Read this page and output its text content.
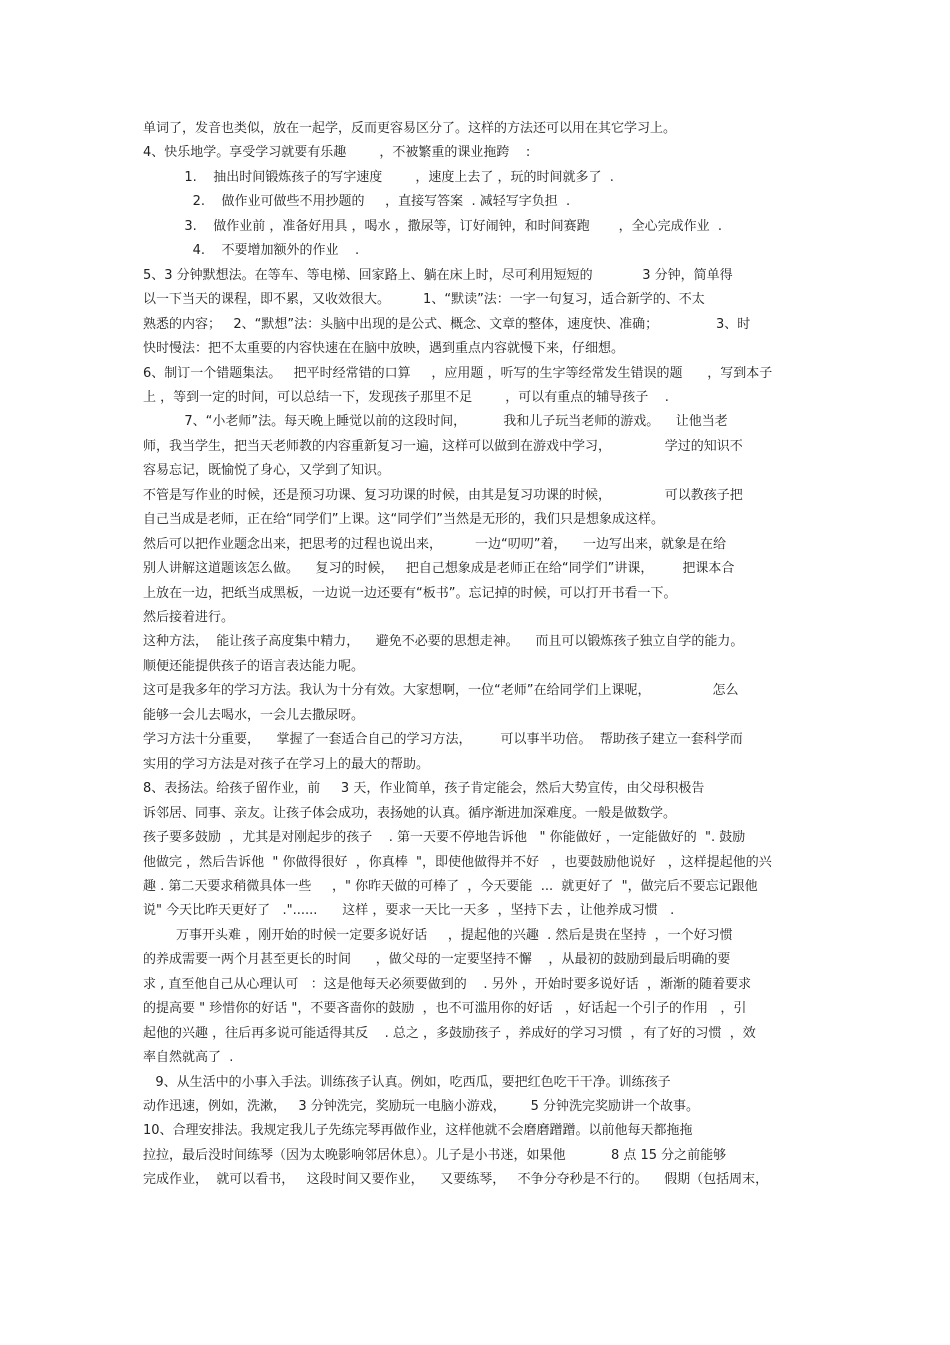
单词了，发音也类似，放在一起学，反而更容易区分了。这样的方法还可以用在其它学习上。
4、快乐地学。享受学习就要有乐趣        ，不被繁重的课业拖跨    :
1.    抽出时间锻炼孩子的写字速度        ，速度上去了 ，玩的时间就多了  .
2.    做作业可做些不用抄题的     ，直接写答案  . 减轻写字负担  .
3.    做作业前 ，准备好用具 ，喝水 ，撒尿等，订好闹钟，和时间赛跑       ，全心完成作业  .
4.    不要增加额外的作业    .
5、3 分钟默想法。在等车、等电梯、回家路上、躺在床上时，尽可利用短短的            3 分钟，简单得
以一下当天的课程，即不累，又收效很大。        1、“默读”法：一字一句复习，适合新学的、不太
熟悉的内容；   2、“默想”法：头脑中出现的是公式、概念、文章的整体，速度快、准确；              3、时
快时慢法：把不太重要的内容快速在在脑中放映，遇到重点内容就慢下来，仔细想。
6、制订一个错题集法。   把平时经常错的口算     ，应用题 ，听写的生字等经常发生错误的题      ，写到本子
上 ，等到一定的时间，可以总结一下，发现孩子那里不足        ，可以有重点的辅导孩子    .
7、“小老师”法。每天晚上睡觉以前的这段时间，         我和儿子玩当老师的游戏。    让他当老
师，我当学生，把当天老师教的内容重新复习一遍，这样可以做到在游戏中学习，             学过的知识不
容易忘记，既愉悦了身心，又学到了知识。
不管是写作业的时候，还是预习功课、复习功课的时候，由其是复习功课的时候，             可以教孩子把
自己当成是老师，正在给“同学们”上课。这“同学们”当然是无形的，我们只是想象成这样。
然后可以把作业题念出来，把思考的过程也说出来，        一边“叨叨”着，    一边写出来，就象是在给
别人讲解这道题该怎么做。    复习的时候，   把自己想象成是老师正在给“同学们”讲课，       把课本合
上放在一边，把纸当成黑板，一边说一边还要有“板书”。忘记掉的时候，可以打开书看一下。
然后接着进行。
这种方法，  能让孩子高度集中精力，    避免不必要的思想走神。    而且可以锻炼孩子独立自学的能力。
顺便还能提供孩子的语言表达能力呢。
这可是我多年的学习方法。我认为十分有效。大家想啊，一位“老师”在给同学们上课呢，               怎么
能够一会儿去喝水，一会儿去撒尿呀。
学习方法十分重要，    掌握了一套适合自己的学习方法，       可以事半功倍。  帮助孩子建立一套科学而
实用的学习方法是对孩子在学习上的最大的帮助。
8、表扬法。给孩子留作业，前     3 天，作业简单，孩子肯定能会，然后大势宣传，由父母积极告
诉邻居、同事、亲友。让孩子体会成功，表扬她的认真。循序渐进加深难度。一般是做数学。
孩子要多鼓励  ，尤其是对刚起步的孩子    . 第一天要不停地告诉他   " 你能做好 ，一定能做好的  ". 鼓励
他做完 ，然后告诉他  " 你做得很好  ，你真棒  "，即使他做得并不好   ，也要鼓励他说好   ，这样提起他的兴
趣 . 第二天要求稍微具体一些     ，" 你昨天做的可棒了  ，今天要能  ...  就更好了  "，做完后不要忘记跟他
说" 今天比昨天更好了   ."......      这样 ，要求一天比一天多  ，坚持下去 ，让他养成习惯   .
万事开头难 ，刚开始的时候一定要多说好话     ，提起他的兴趣  . 然后是贵在坚持  ，一个好习惯
的养成需要一两个月甚至更长的时间      ，做父母的一定要坚持不懈    ，从最初的鼓励到最后明确的要
求 , 直至他自己从心理认可   ：这是他每天必须要做到的    . 另外 ，开始时要多说好话  ，渐渐的随着要求
的提高要 " 珍惜你的好话 "，不要吝啬你的鼓励  ，也不可滥用你的好话   ，好话起一个引子的作用   ，引
起他的兴趣 ，往后再多说可能适得其反    . 总之 ，多鼓励孩子 ，养成好的学习习惯  ，有了好的习惯  ，效
率自然就高了  .
9、从生活中的小事入手法。训练孩子认真。例如，吃西瓜，要把红色吃干干净。训练孩子
动作迅速，例如，洗漱，   3 分钟洗完，奖励玩一电脑小游戏，      5 分钟洗完奖励讲一个故事。
10、合理安排法。我规定我儿子先练完琴再做作业，这样他就不会磨磨蹭蹭。以前他每天都拖拖
拉拉，最后没时间练琴（因为太晚影响邻居休息）。儿子是小书迷，如果他           8 点 15 分之前能够
完成作业，  就可以看书，   这段时间又要作业，    又要练琴，   不争分夺秒是不行的。    假期（包括周末，
